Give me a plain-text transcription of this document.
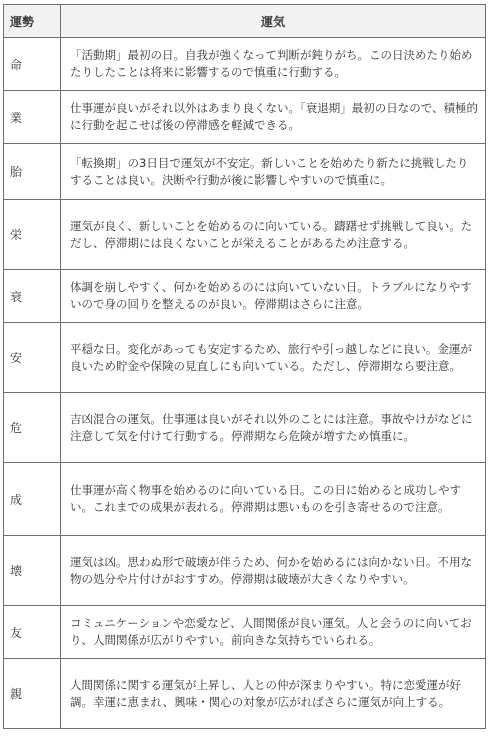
運勢	運気
命	「活動期」最初の日。自我が強くなって判断が鈍りがち。この日決めたり始めたりしたことは将来に影響するので慎重に行動する。
業	仕事運が良いがそれ以外はあまり良くない。「衰退期」最初の日なので、積極的に行動を起こせば後の停滞感を軽減できる。
胎	「転換期」の3日目で運気が不安定。新しいことを始めたり新たに挑戦したりすることは良い。決断や行動が後に影響しやすいので慎重に。
栄	運気が良く、新しいことを始めるのに向いている。躊躇せず挑戦して良い。ただし、停滞期には良くないことが栄えることがあるため注意する。
衰	体調を崩しやすく、何かを始めるのには向いていない日。トラブルになりやすいので身の回りを整えるのが良い。停滞期はさらに注意。
安	平穏な日。変化があっても安定するため、旅行や引っ越しなどに良い。金運が良いため貯金や保険の見直しにも向いている。ただし、停滞期なら要注意。
危	吉凶混合の運気。仕事運は良いがそれ以外のことには注意。事故やけがなどに注意して気を付けて行動する。停滞期なら危険が増すため慎重に。
成	仕事運が高く物事を始めるのに向いている日。この日に始めると成功しやすい。これまでの成果が表れる。停滞期は悪いものを引き寄せるので注意。
壊	運気は凶。思わぬ形で破壊が伴うため、何かを始めるには向かない日。不用な物の処分や片付けがおすすめ。停滞期は破壊が大きくなりやすい。
友	コミュニケーションや恋愛など、人間関係が良い運気。人と会うのに向いており、人間関係が広がりやすい。前向きな気持ちでいられる。
親	人間関係に関する運気が上昇し、人との仲が深まりやすい。特に恋愛運が好調。幸運に恵まれ、興味・関心の対象が広がればさらに運気が向上する。
